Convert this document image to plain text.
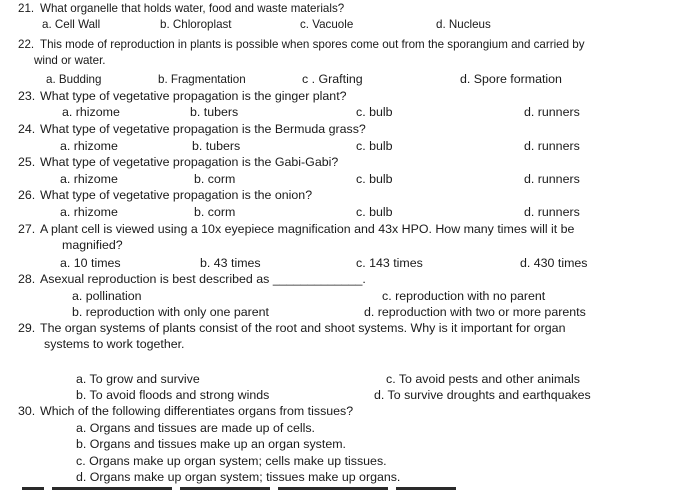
21. What organelle that holds water, food and waste materials?
a. Cell Wall	b. Chloroplast	c. Vacuole	d. Nucleus
22. This mode of reproduction in plants is possible when spores come out from the sporangium and carried by
wind or water.
a. Budding	b. Fragmentation	c . Grafting	d. Spore formation
23. What type of vegetative propagation is the ginger plant?
a. rhizome	b. tubers	c. bulb	d. runners
24. What type of vegetative propagation is the Bermuda grass?
a. rhizome	b. tubers	c. bulb	d. runners
25. What type of vegetative propagation is the Gabi-Gabi?
a. rhizome	b. corm	c. bulb	d. runners
26. What type of vegetative propagation is the onion?
a. rhizome	b. corm	c. bulb	d. runners
27. A plant cell is viewed using a 10x eyepiece magnification and 43x HPO. How many times will it be
magnified?
a. 10 times	b. 43 times	c. 143 times	d. 430 times
28. Asexual reproduction is best described as _____________.
a. pollination	c. reproduction with no parent
b. reproduction with only one parent	d. reproduction with two or more parents
29. The organ systems of plants consist of the root and shoot systems. Why is it important for organ
systems to work together.
a. To grow and survive	c. To avoid pests and other animals
b. To avoid floods and strong winds	d. To survive droughts and earthquakes
30. Which of the following differentiates organs from tissues?
a. Organs and tissues are made up of cells.
b. Organs and tissues make up an organ system.
c. Organs make up organ system; cells make up tissues.
d. Organs make up organ system; tissues make up organs.
